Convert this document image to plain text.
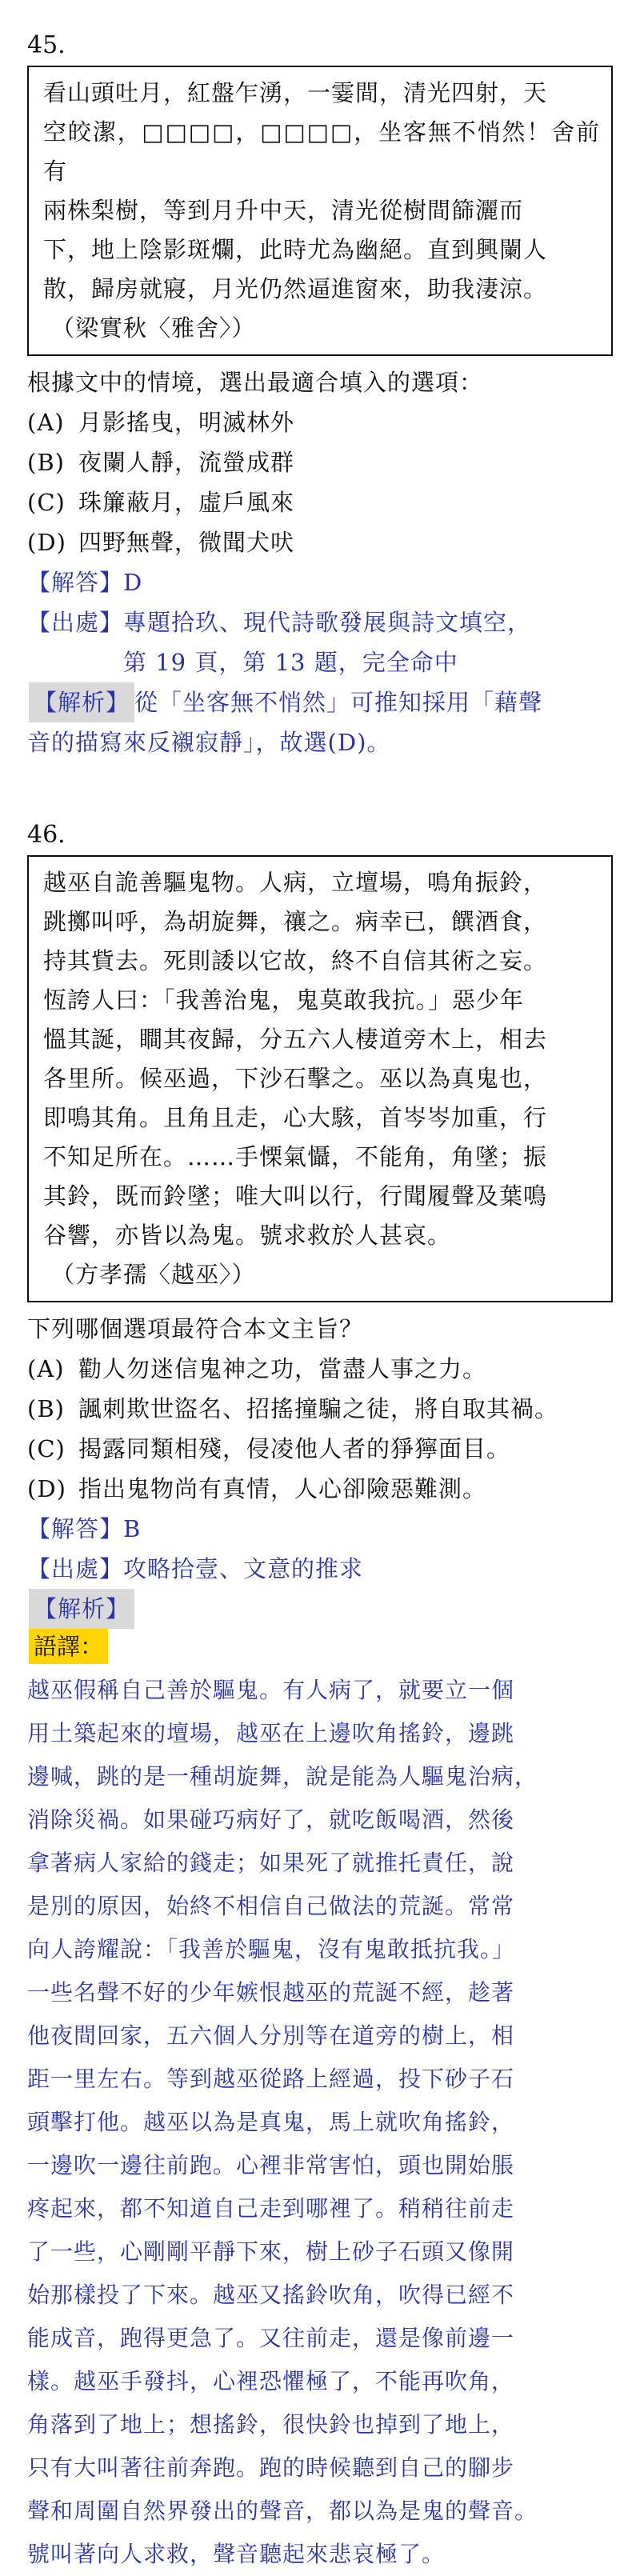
45.
看山頭吐月，紅盤乍湧，一霎間，清光四射，天
空皎潔，□□□□，□□□□，坐客無不悄然！舍前有
兩株梨樹，等到月升中天，清光從樹間篩灑而
下，地上陰影斑爛，此時尤為幽絕。直到興闌人
散，歸房就寢，月光仍然逼進窗來，助我淒涼。
（梁實秋〈雅舍〉）
根據文中的情境，選出最適合填入的選項：
(A) 月影搖曳，明滅林外
(B) 夜闌人靜，流螢成群
(C) 珠簾蔽月，虛戶風來
(D) 四野無聲，微聞犬吠
【解答】D
【出處】 專題拾玖、現代詩歌發展與詩文填空，
第 19 頁，第 13 題，完全命中
【解析】 從「坐客無不悄然」可推知採用「藉聲
音的描寫來反襯寂靜」，故選(D)。
46.
越巫自詭善驅鬼物。人病，立壇場，鳴角振鈴，
跳擲叫呼，為胡旋舞，禳之。病幸已，饌酒食，
持其貲去。死則諉以它故，終不自信其術之妄。
恆誇人曰：「我善治鬼，鬼莫敢我抗。」惡少年
慍其誕，瞷其夜歸，分五六人棲道旁木上，相去
各里所。候巫過，下沙石擊之。巫以為真鬼也，
即鳴其角。且角且走，心大駭，首岑岑加重，行
不知足所在。……手慄氣懾，不能角，角墜；振
其鈴，既而鈴墜；唯大叫以行，行聞履聲及葉鳴
谷響，亦皆以為鬼。號求救於人甚哀。
（方孝孺〈越巫〉）
下列哪個選項最符合本文主旨？
(A) 勸人勿迷信鬼神之功，當盡人事之力。
(B) 諷刺欺世盜名、招搖撞騙之徒，將自取其禍。
(C) 揭露同類相殘，侵凌他人者的猙獰面目。
(D) 指出鬼物尚有真情，人心卻險惡難測。
【解答】B
【出處】攻略拾壹、文意的推求
【解析】
語譯：
越巫假稱自己善於驅鬼。有人病了，就要立一個
用土築起來的壇場，越巫在上邊吹角搖鈴，邊跳
邊喊，跳的是一種胡旋舞，說是能為人驅鬼治病，
消除災禍。如果碰巧病好了，就吃飯喝酒，然後
拿著病人家給的錢走；如果死了就推托責任，說
是別的原因，始終不相信自己做法的荒誕。常常
向人誇耀說：「我善於驅鬼，沒有鬼敢抵抗我。」
一些名聲不好的少年嫉恨越巫的荒誕不經，趁著
他夜間回家，五六個人分別等在道旁的樹上，相
距一里左右。等到越巫從路上經過，投下砂子石
頭擊打他。越巫以為是真鬼，馬上就吹角搖鈴，
一邊吹一邊往前跑。心裡非常害怕，頭也開始脹
疼起來，都不知道自己走到哪裡了。稍稍往前走
了一些，心剛剛平靜下來，樹上砂子石頭又像開
始那樣投了下來。越巫又搖鈴吹角，吹得已經不
能成音，跑得更急了。又往前走，還是像前邊一
樣。越巫手發抖，心裡恐懼極了，不能再吹角，
角落到了地上；想搖鈴，很快鈴也掉到了地上，
只有大叫著往前奔跑。跑的時候聽到自己的腳步
聲和周圍自然界發出的聲音，都以為是鬼的聲音。
號叫著向人求救，聲音聽起來悲哀極了。
